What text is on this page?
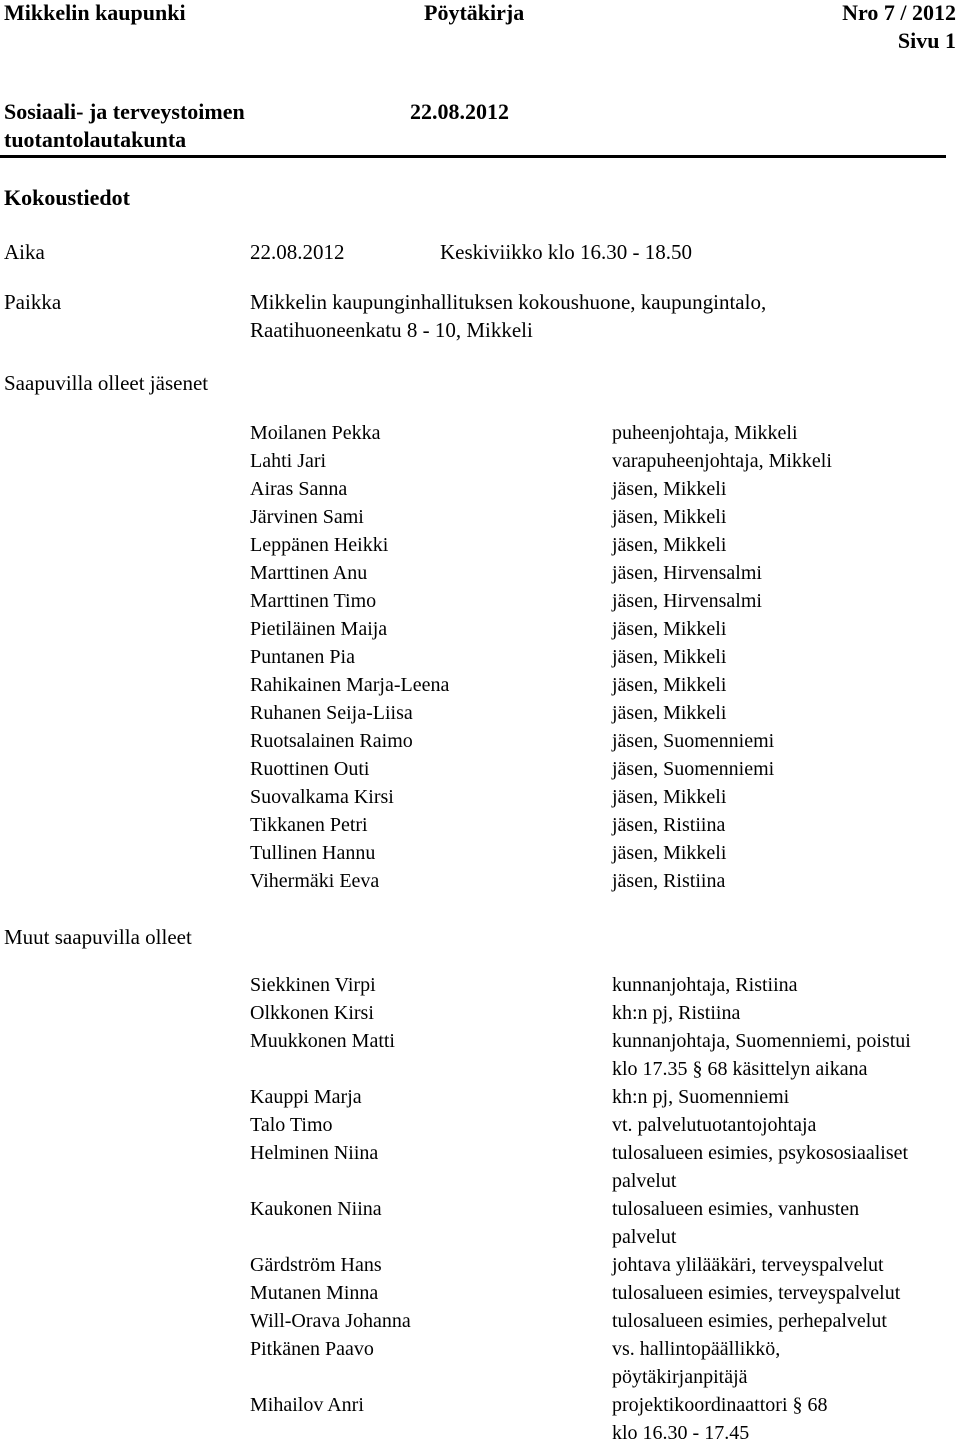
Mikkelin kaupunki	Pöytäkirja	Nro 7 / 2012
Sivu 1
Sosiaali- ja terveystoimen
tuotantolautakunta
22.08.2012
Kokoustiedot
Aika	22.08.2012	Keskiviikko klo 16.30 - 18.50
Paikka	Mikkelin kaupunginhallituksen kokoushuone, kaupungintalo,
Raatihuoneenkatu 8 - 10, Mikkeli
Saapuvilla olleet jäsenet
Moilanen Pekka	puheenjohtaja, Mikkeli
Lahti Jari	varapuheenjohtaja, Mikkeli
Airas Sanna	jäsen, Mikkeli
Järvinen Sami	jäsen, Mikkeli
Leppänen Heikki	jäsen, Mikkeli
Marttinen Anu	jäsen, Hirvensalmi
Marttinen Timo	jäsen, Hirvensalmi
Pietiläinen Maija	jäsen, Mikkeli
Puntanen Pia	jäsen, Mikkeli
Rahikainen Marja-Leena	jäsen, Mikkeli
Ruhanen Seija-Liisa	jäsen, Mikkeli
Ruotsalainen Raimo	jäsen, Suomenniemi
Ruottinen Outi	jäsen, Suomenniemi
Suovalkama Kirsi	jäsen, Mikkeli
Tikkanen Petri	jäsen, Ristiina
Tullinen Hannu	jäsen, Mikkeli
Vihermäki Eeva	jäsen, Ristiina
Muut saapuvilla olleet
Siekkinen Virpi	kunnanjohtaja, Ristiina
Olkkonen Kirsi	kh:n pj, Ristiina
Muukkonen Matti	kunnanjohtaja, Suomenniemi, poistui
klo 17.35 § 68 käsittelyn aikana
Kauppi Marja	kh:n pj, Suomenniemi
Talo Timo	vt. palvelutuotantojohtaja
Helminen Niina	tulosalueen esimies, psykososiaaliset
palvelut
Kaukonen Niina	tulosalueen esimies, vanhusten
palvelut
Gärdström Hans	johtava ylilääkäri, terveyspalvelut
Mutanen Minna	tulosalueen esimies, terveyspalvelut
Will-Orava Johanna	tulosalueen esimies, perhepalvelut
Pitkänen Paavo	vs. hallintopäällikkö,
pöytäkirjanpitäjä
Mihailov Anri	projektikoordinaattori § 68
klo 16.30 - 17.45
